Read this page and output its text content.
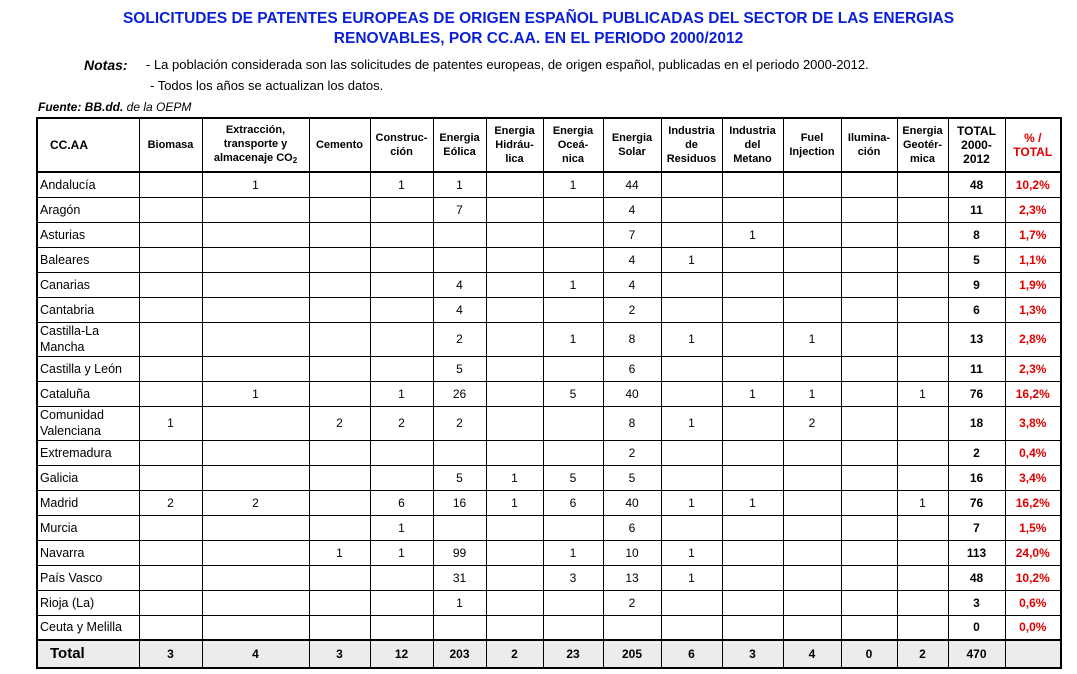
SOLICITUDES DE PATENTES EUROPEAS DE ORIGEN ESPAÑOL PUBLICADAS DEL SECTOR DE LAS ENERGIAS
RENOVABLES, POR CC.AA. EN EL PERIODO 2000/2012
Notas: - La población considerada son las solicitudes de patentes europeas, de origen español, publicadas en el periodo 2000-2012.
- Todos los años se actualizan los datos.
Fuente: BB.dd. de la OEPM
CC.AA	Biomasa	Extracción,
transporte y
almacenaje $CO_2$	Cemento	Construc-
ción	Energia
Eólica	Energia
Hidráu-
lica	Energia
Oceá-
nica	Energia
Solar	Industria
de
Residuos	Industria
del
Metano	Fuel
Injection	Ilumina-
ción	Energia
Geotér-
mica	TOTAL
2000-
2012	% /
TOTAL
Andalucía		1		1	1		1	44						48	10,2%
Aragón					7			4						11	2,3%
Asturias								7		1				8	1,7%
Baleares								4	1					5	1,1%
Canarias					4		1	4						9	1,9%
Cantabria					4			2						6	1,3%
Castilla-La Mancha					2		1	8	1		1			13	2,8%
Castilla y León					5			6						11	2,3%
Cataluña		1		1	26		5	40		1	1		1	76	16,2%
Comunidad Valenciana	1		2	2	2			8	1		2			18	3,8%
Extremadura								2						2	0,4%
Galicia					5	1	5	5						16	3,4%
Madrid	2	2		6	16	1	6	40	1	1			1	76	16,2%
Murcia				1				6						7	1,5%
Navarra			1	1	99		1	10	1					113	24,0%
País Vasco					31		3	13	1					48	10,2%
Rioja (La)					1			2						3	0,6%
Ceuta y Melilla														0	0,0%
Total	3	4	3	12	203	2	23	205	6	3	4	0	2	470	
